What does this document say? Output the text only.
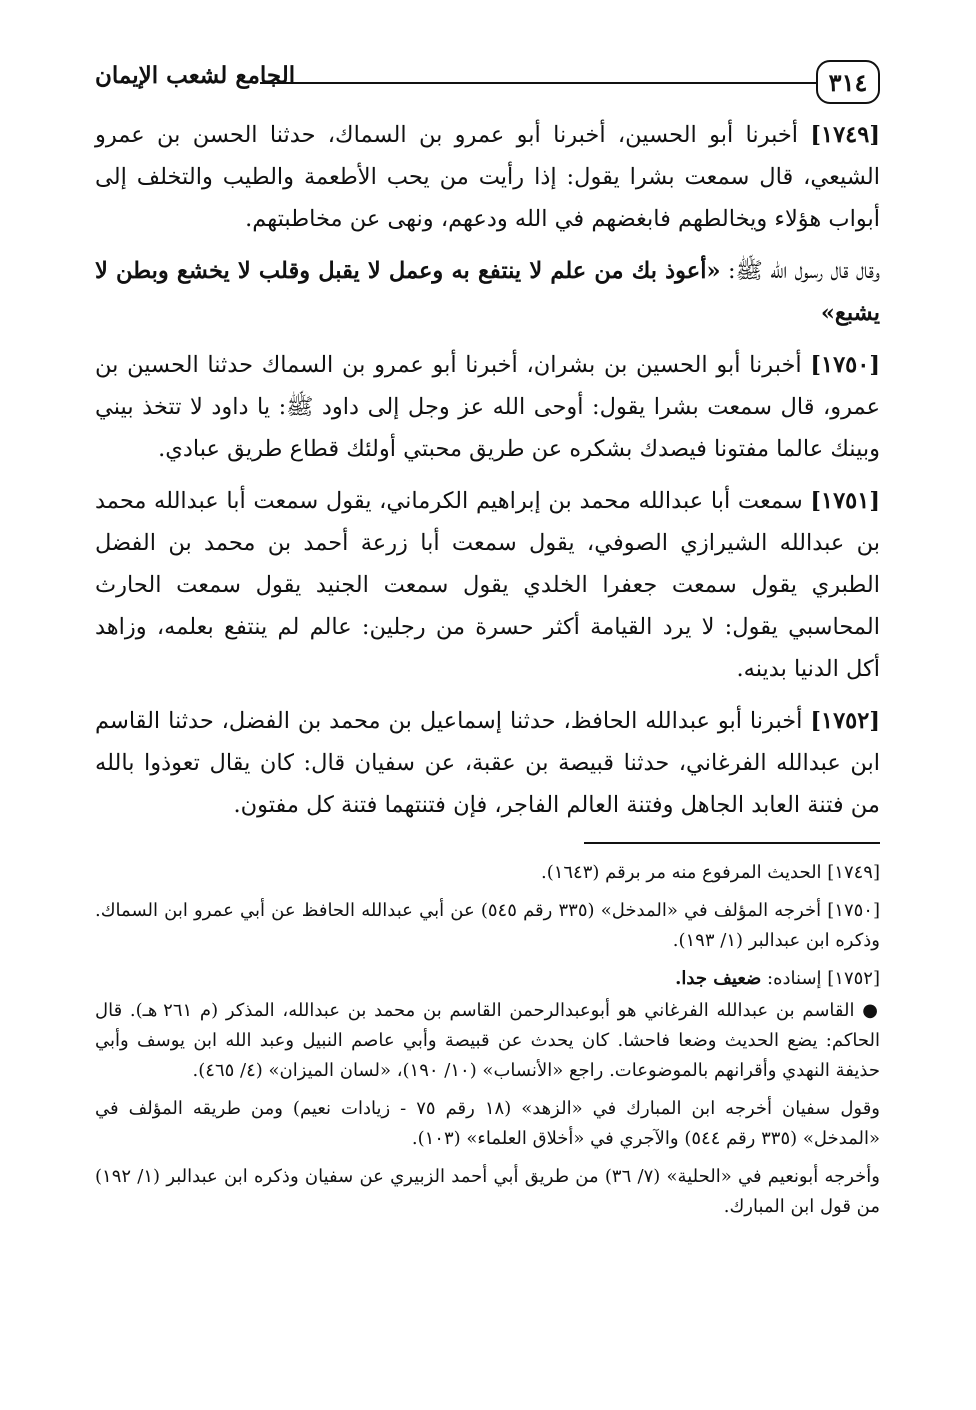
٣١٤
الجامع لشعب الإيمان

[١٧٤٩] أخبرنا أبو الحسين، أخبرنا أبو عمرو بن السماك، حدثنا الحسن بن عمرو الشيعي، قال سمعت بشرا يقول: إذا رأيت من يحب الأطعمة والطيب والتخلف إلى أبواب هؤلاء ويخالطهم فابغضهم في الله ودعهم، ونهى عن مخاطبتهم.

وقال قال رسول الله ﷺ: «أعوذ بك من علم لا ينتفع به وعمل لا يقبل وقلب لا يخشع وبطن لا يشبع»

[١٧٥٠] أخبرنا أبو الحسين بن بشران، أخبرنا أبو عمرو بن السماك حدثنا الحسين بن عمرو، قال سمعت بشرا يقول: أوحى الله عز وجل إلى داود ﷺ: يا داود لا تتخذ بيني وبينك عالما مفتونا فيصدك بشكره عن طريق محبتي أولئك قطاع طريق عبادي.

[١٧٥١] سمعت أبا عبدالله محمد بن إبراهيم الكرماني، يقول سمعت أبا عبدالله محمد بن عبدالله الشيرازي الصوفي، يقول سمعت أبا زرعة أحمد بن محمد بن الفضل الطبري يقول سمعت جعفرا الخلدي يقول سمعت الجنيد يقول سمعت الحارث المحاسبي يقول: لا يرد القيامة أكثر حسرة من رجلين: عالم لم ينتفع بعلمه، وزاهد أكل الدنيا بدينه.

[١٧٥٢] أخبرنا أبو عبدالله الحافظ، حدثنا إسماعيل بن محمد بن الفضل، حدثنا القاسم ابن عبدالله الفرغاني، حدثنا قبيصة بن عقبة، عن سفيان قال: كان يقال تعوذوا بالله من فتنة العابد الجاهل وفتنة العالم الفاجر، فإن فتنتهما فتنة كل مفتون.

[١٧٤٩] الحديث المرفوع منه مر برقم (١٦٤٣).

[١٧٥٠] أخرجه المؤلف في «المدخل» (٣٣٥ رقم ٥٤٥) عن أبي عبدالله الحافظ عن أبي عمرو ابن السماك. وذكره ابن عبدالبر (١/ ١٩٣).

[١٧٥٢] إسناده: ضعيف جدا.

● القاسم بن عبدالله الفرغاني هو أبوعبدالرحمن القاسم بن محمد بن عبدالله، المذكر (م ٢٦١ هـ). قال الحاكم: يضع الحديث وضعا فاحشا. كان يحدث عن قبيصة وأبي عاصم النبيل وعبد الله ابن يوسف وأبي حذيفة النهدي وأقرانهم بالموضوعات. راجع «الأنساب» (١٠/ ١٩٠)، «لسان الميزان» (٤/ ٤٦٥).

وقول سفيان أخرجه ابن المبارك في «الزهد» (١٨ رقم ٧٥ - زيادات نعيم) ومن طريقه المؤلف في «المدخل» (٣٣٥ رقم ٥٤٤) والآجري في «أخلاق العلماء» (١٠٣).

وأخرجه أبونعيم في «الحلية» (٧/ ٣٦) من طريق أبي أحمد الزبيري عن سفيان وذكره ابن عبدالبر (١/ ١٩٢) من قول ابن المبارك.
